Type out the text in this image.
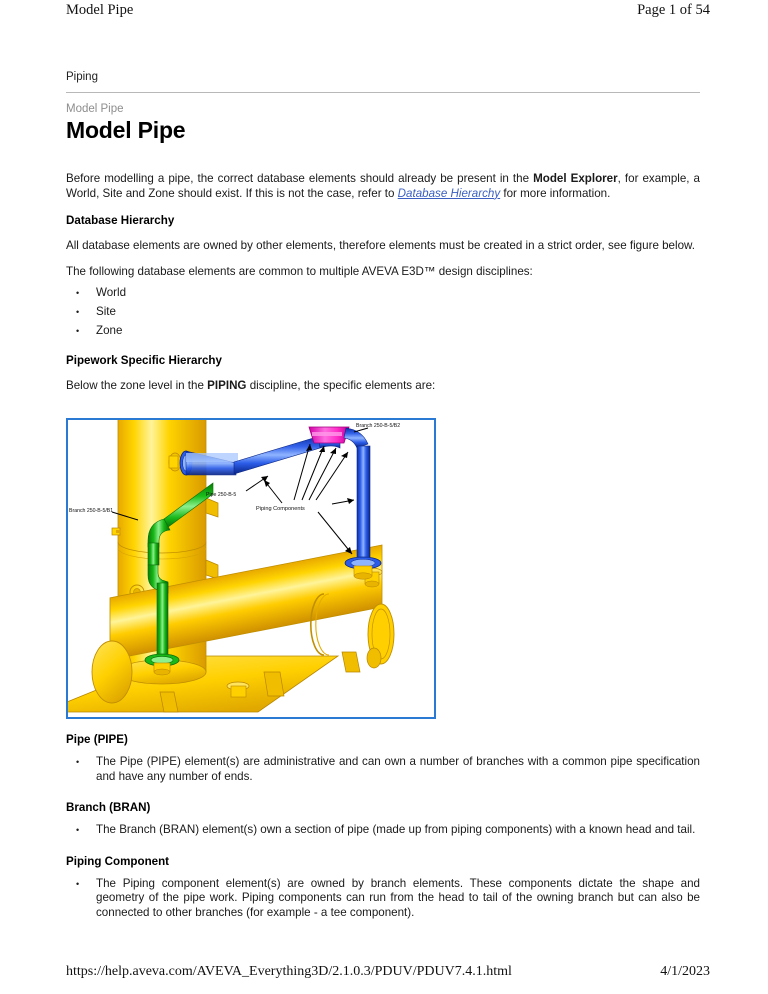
Model Pipe	Page 1 of 54
Piping
Model Pipe
Model Pipe

Before modelling a pipe, the correct database elements should already be present in the Model Explorer, for example, a World, Site and Zone should exist. If this is not the case, refer to Database Hierarchy for more information.

Database Hierarchy

All database elements are owned by other elements, therefore elements must be created in a strict order, see figure below.

The following database elements are common to multiple AVEVA E3D™ design disciplines:

• World
• Site
• Zone
Pipework Specific Hierarchy

Below the zone level in the PIPING discipline, the specific elements are:

Branch 250-B-5/B2
Branch 250-B-5/B1
Pipe 250-B-5
Piping Components
Pipe (PIPE)
• The Pipe (PIPE) element(s) are administrative and can own a number of branches with a common pipe specification and have any number of ends.
Branch (BRAN)
• The Branch (BRAN) element(s) own a section of pipe (made up from piping components) with a known head and tail.
Piping Component
• The Piping component element(s) are owned by branch elements. These components dictate the shape and geometry of the pipe work. Piping components can run from the head to tail of the owning branch but can also be connected to other branches (for example - a tee component).
https://help.aveva.com/AVEVA_Everything3D/2.1.0.3/PDUV/PDUV7.4.1.html	4/1/2023
